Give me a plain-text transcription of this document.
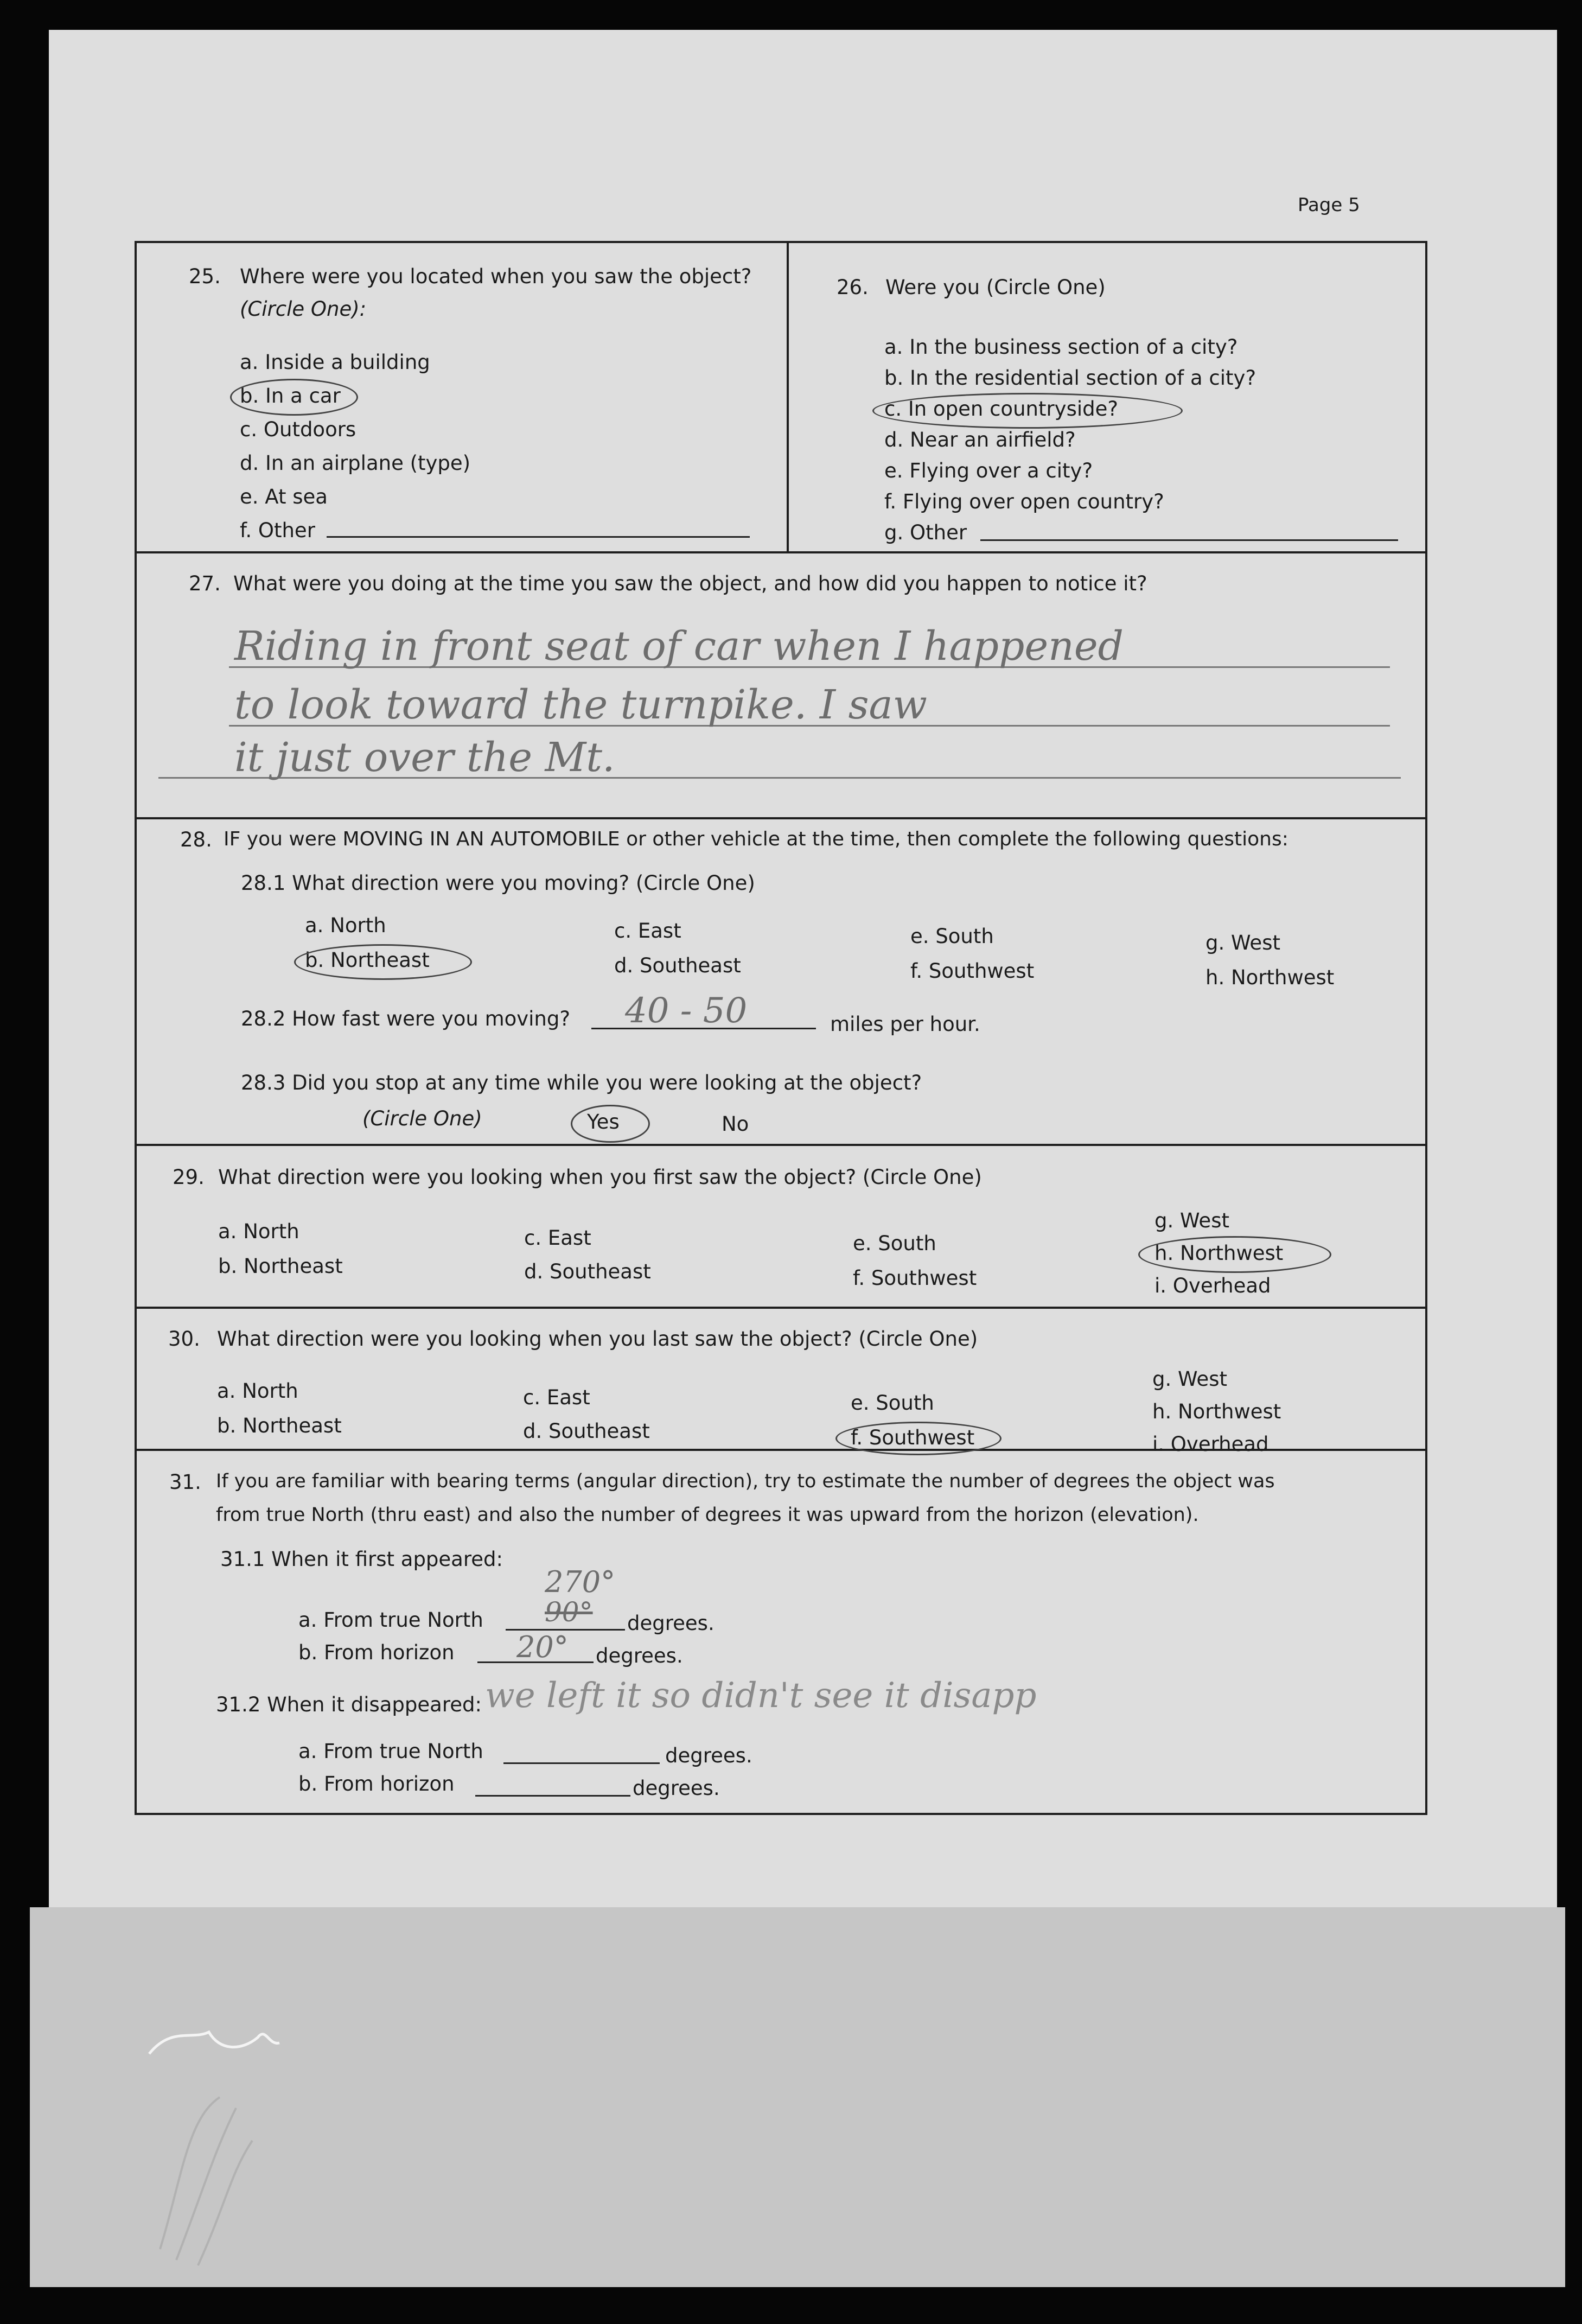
Page 5
25. Where were you located when you saw the object?
(Circle One):
a. Inside a building
b. In a car
c. Outdoors
d. In an airplane (type)
e. At sea
f. Other
26. Were you (Circle One)
a. In the business section of a city?
b. In the residential section of a city?
c. In open countryside?
d. Near an airfield?
e. Flying over a city?
f. Flying over open country?
g. Other
27. What were you doing at the time you saw the object, and how did you happen to notice it?
Riding in front seat of car when I happened
to look toward the turnpike. I saw
it just over the Mt.
28. IF you were MOVING IN AN AUTOMOBILE or other vehicle at the time, then complete the following questions:
28.1 What direction were you moving? (Circle One)
a. North
b. Northeast
c. East
d. Southeast
e. South
f. Southwest
g. West
h. Northwest
28.2 How fast were you moving? 40 - 50	miles per hour.
28.3 Did you stop at any time while you were looking at the object?
(Circle One)	Yes	No
29. What direction were you looking when you first saw the object? (Circle One)
a. North
b. Northeast
c. East
d. Southeast
e. South
f. Southwest
g. West
h. Northwest
i. Overhead
30. What direction were you looking when you last saw the object? (Circle One)
a. North
b. Northeast
c. East
d. Southeast
e. South
f. Southwest
g. West
h. Northwest
i. Overhead
31. If you are familiar with bearing terms (angular direction), try to estimate the number of degrees the object was
from true North (thru east) and also the number of degrees it was upward from the horizon (elevation).
31.1 When it first appeared:
a. From true North
270°
90° degrees.
b. From horizon 20° degrees.
31.2 When it disappeared: we left it so didn't see it disapp
a. From true North	degrees.
b. From horizon	degrees.
